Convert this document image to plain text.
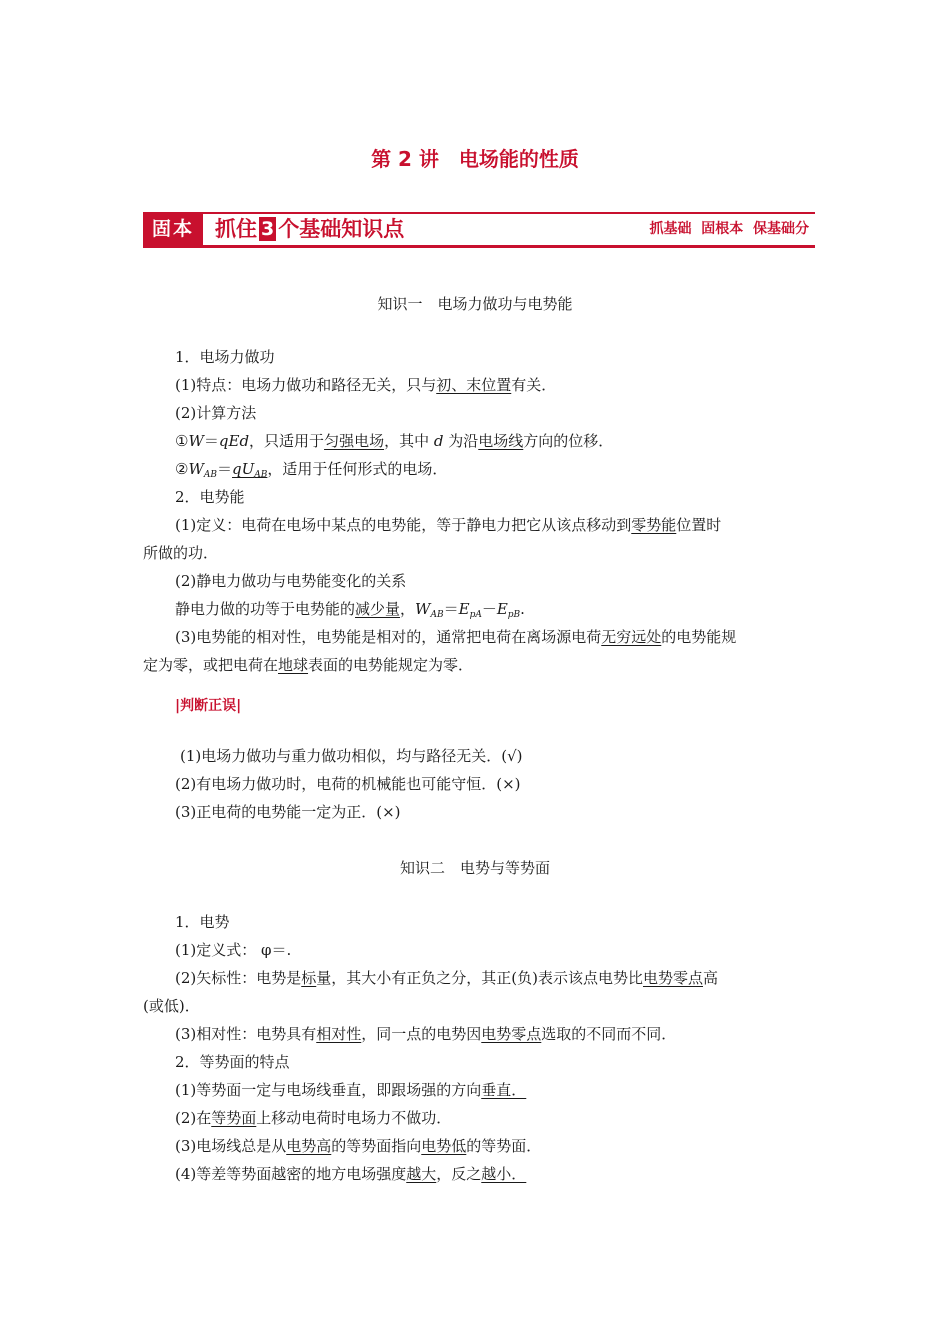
第 2 讲　电场能的性质
固本	抓住 3 个基础知识点	抓基础  固根本  保基础分
知识一　电场力做功与电势能
1．电场力做功
(1)特点：电场力做功和路径无关，只与初、末位置有关．
(2)计算方法
①W＝qEd，只适用于匀强电场，其中 d 为沿电场线方向的位移．
$②W_{AB}=qU_{AB}$，适用于任何形式的电场．
2．电势能
(1)定义：电荷在电场中某点的电势能，等于静电力把它从该点移动到零势能位置时
所做的功．
(2)静电力做功与电势能变化的关系
静电力做的功等于电势能的减少量，$W_{AB}=E_{pA}-E_{pB}$.
(3)电势能的相对性，电势能是相对的，通常把电荷在离场源电荷无穷远处的电势能规
定为零，或把电荷在地球表面的电势能规定为零．
|判断正误|
(1)电场力做功与重力做功相似，均与路径无关．(√)
(2)有电场力做功时，电荷的机械能也可能守恒．(×)
(3)正电荷的电势能一定为正．(×)
知识二　电势与等势面
1．电势
(1)定义式： φ＝.
(2)矢标性：电势是标量，其大小有正负之分，其正(负)表示该点电势比电势零点高
(或低)．
(3)相对性：电势具有相对性，同一点的电势因电势零点选取的不同而不同．
2．等势面的特点
(1)等势面一定与电场线垂直，即跟场强的方向垂直．
(2)在等势面上移动电荷时电场力不做功．
(3)电场线总是从电势高的等势面指向电势低的等势面．
(4)等差等势面越密的地方电场强度越大，反之越小．
